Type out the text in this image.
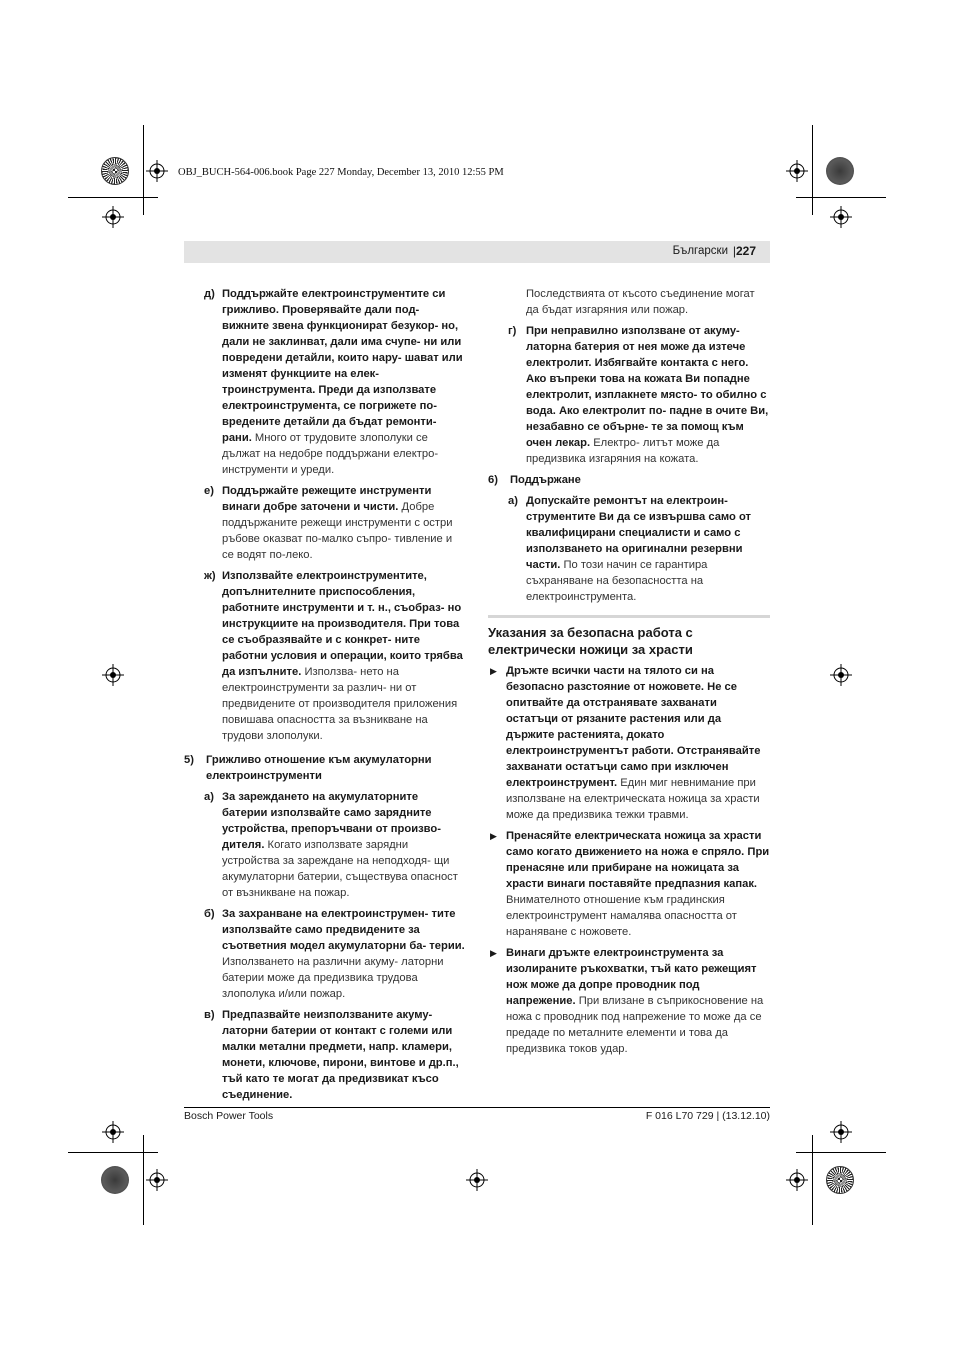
OBJ_BUCH-564-006.book Page 227 Monday, December 13, 2010 12:55 PM
Български | 227
д) Поддържайте електроинструментите си грижливо. Проверявайте дали под- вижните звена функционират безукор- но, дали не заклинват, дали има счупе- ни или повредени детайли, които нару- шават или изменят функциите на елек- троинструмента. Преди да използвате електроинструмента, се погрижете по- вредените детайли да бъдат ремонти- рани. Много от трудовите злополуки се дължат на недобре поддържани електро- инструменти и уреди.
е) Поддържайте режещите инструменти винаги добре заточени и чисти. Добре поддържаните режещи инструменти с остри ръбове оказват по-малко съпро- тивление и се водят по-леко.
ж) Използвайте електроинструментите, допълнителните приспособления, работните инструменти и т. н., съобраз- но инструкциите на производителя. При това се съобразявайте и с конкрет- ните работни условия и операции, които трябва да изпълните. Използва- нето на електроинструменти за различ- ни от предвидените от производителя приложения повишава опасността за възникване на трудови злополуки.
5) Грижливо отношение към акумулаторни електроинструменти
а) За зареждането на акумулаторните батерии използвайте само зарядните устройства, препоръчвани от произво- дителя. Когато използвате зарядни устройства за зареждане на неподходя- щи акумулаторни батерии, съществува опасност от възникване на пожар.
б) За захранване на електроинструмен- тите използвайте само предвидените за съответния модел акумулаторни ба- терии. Използването на различни акуму- латорни батерии може да предизвика трудова злополука и/или пожар.
в) Предпазвайте неизползваните акуму- латорни батерии от контакт с големи или малки метални предмети, напр. кламери, монети, ключове, пирони, винтове и др.п., тъй като те могат да предизвикат късо съединение.
Последствията от късото съединение могат да бъдат изгаряния или пожар.
г) При неправилно използване от акуму- латорна батерия от нея може да изтече електролит. Избягвайте контакта с него. Ако въпреки това на кожата Ви попадне електролит, изплакнете място- то обилно с вода. Ако електролит по- падне в очите Ви, незабавно се обърне- те за помощ към очен лекар. Електро- литът може да предизвика изгаряния на кожата.
6) Поддържане
а) Допускайте ремонтът на електроин- струментите Ви да се извършва само от квалифицирани специалисти и само с използването на оригинални резервни части. По този начин се гарантира съхраняване на безопасността на електроинструмента.
Указания за безопасна работа с електрически ножици за храсти
▶ Дръжте всички части на тялото си на безопасно разстояние от ножовете. Не се опитвайте да отстранявате захванати остатъци от рязаните растения или да държите растенията, докато електроинструментът работи. Отстранявайте захванати остатъци само при изключен електроинструмент. Един миг невнимание при използване на електрическата ножица за храсти може да предизвика тежки травми.
▶ Пренасяйте електрическата ножица за храсти само когато движението на ножа е спряло. При пренасяне или прибиране на ножицата за храсти винаги поставяйте предпазния капак. Внимателното отношение към градинския електроинструмент намалява опасността от нараняване с ножовете.
▶ Винаги дръжте електроинструмента за изолираните ръкохватки, тъй като режещият нож може да допре проводник под напрежение. При влизане в съприкосновение на ножа с проводник под напрежение то може да се предаде по металните елементи и това да предизвика токов удар.
Bosch Power Tools	F 016 L70 729 | (13.12.10)
